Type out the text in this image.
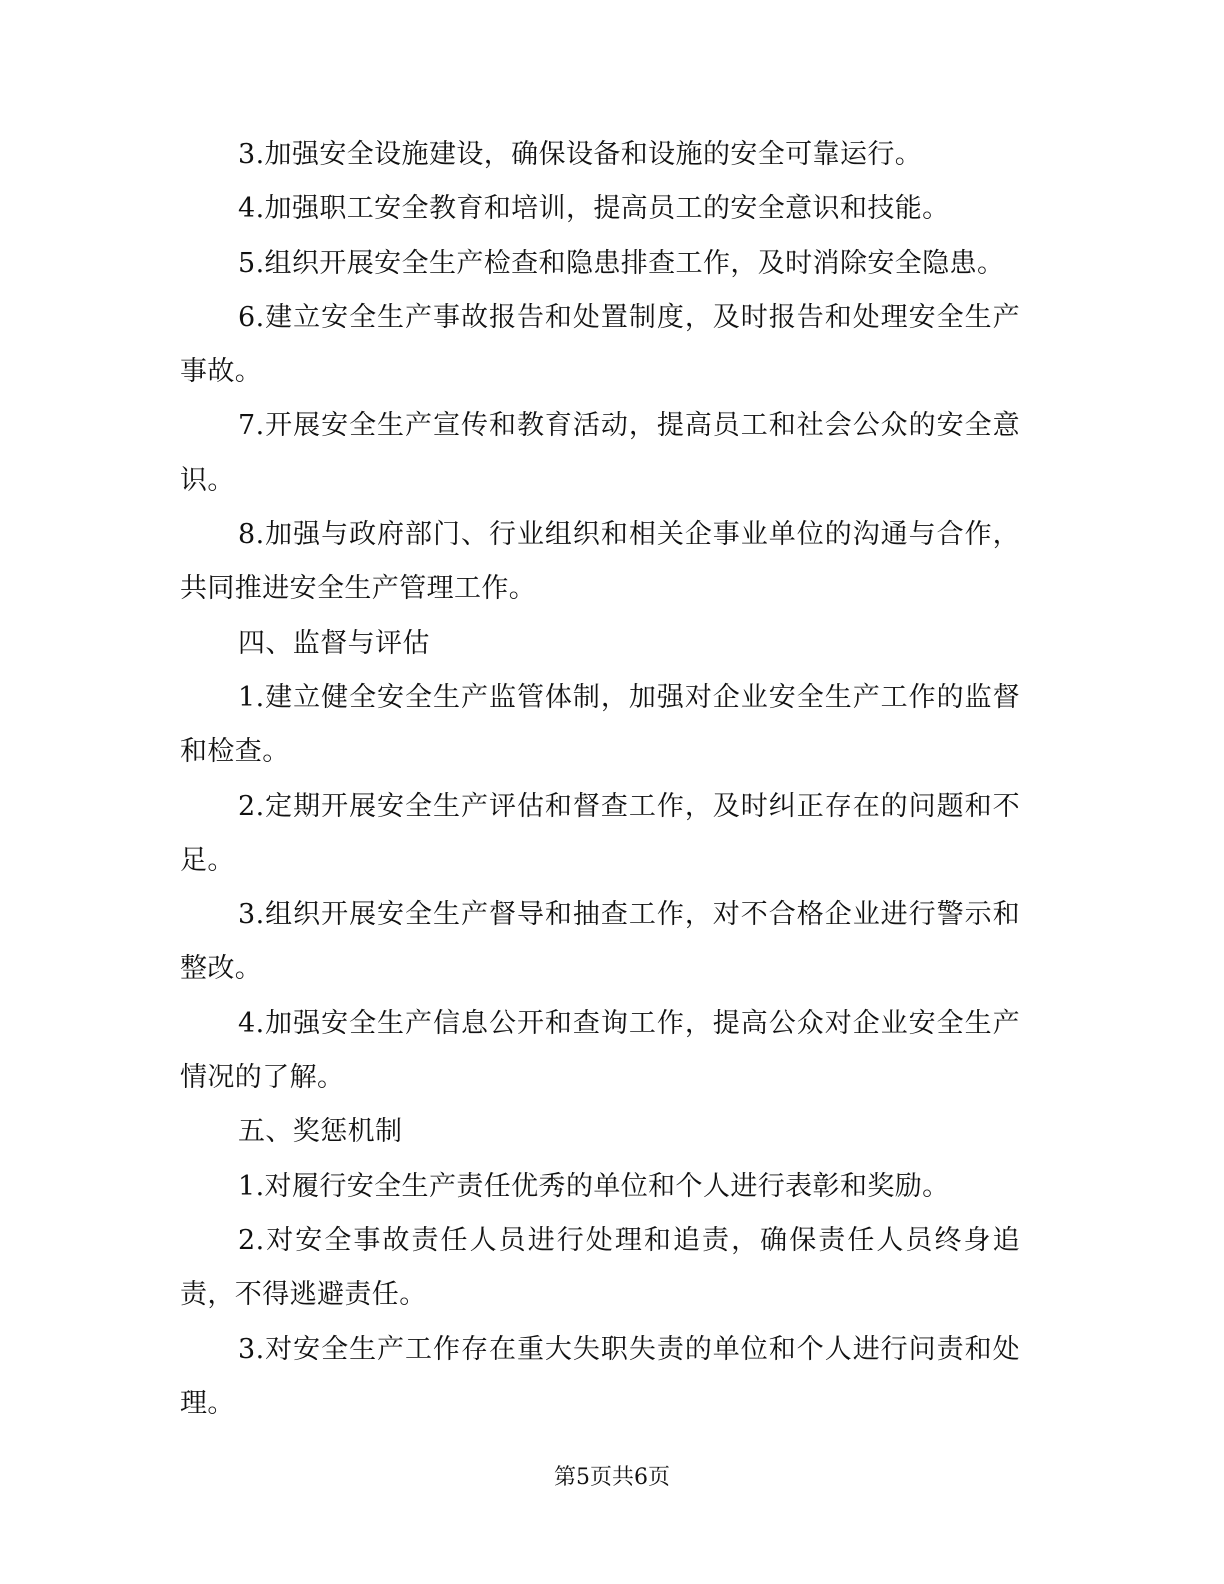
3.加强安全设施建设，确保设备和设施的安全可靠运行。

4.加强职工安全教育和培训，提高员工的安全意识和技能。

5.组织开展安全生产检查和隐患排查工作，及时消除安全隐患。

6.建立安全生产事故报告和处置制度，及时报告和处理安全生产事故。

7.开展安全生产宣传和教育活动，提高员工和社会公众的安全意识。

8.加强与政府部门、行业组织和相关企事业单位的沟通与合作，共同推进安全生产管理工作。

四、监督与评估

1.建立健全安全生产监管体制，加强对企业安全生产工作的监督和检查。

2.定期开展安全生产评估和督查工作，及时纠正存在的问题和不足。

3.组织开展安全生产督导和抽查工作，对不合格企业进行警示和整改。

4.加强安全生产信息公开和查询工作，提高公众对企业安全生产情况的了解。

五、奖惩机制

1.对履行安全生产责任优秀的单位和个人进行表彰和奖励。

2.对安全事故责任人员进行处理和追责，确保责任人员终身追责，不得逃避责任。

3.对安全生产工作存在重大失职失责的单位和个人进行问责和处理。

第5页共6页
